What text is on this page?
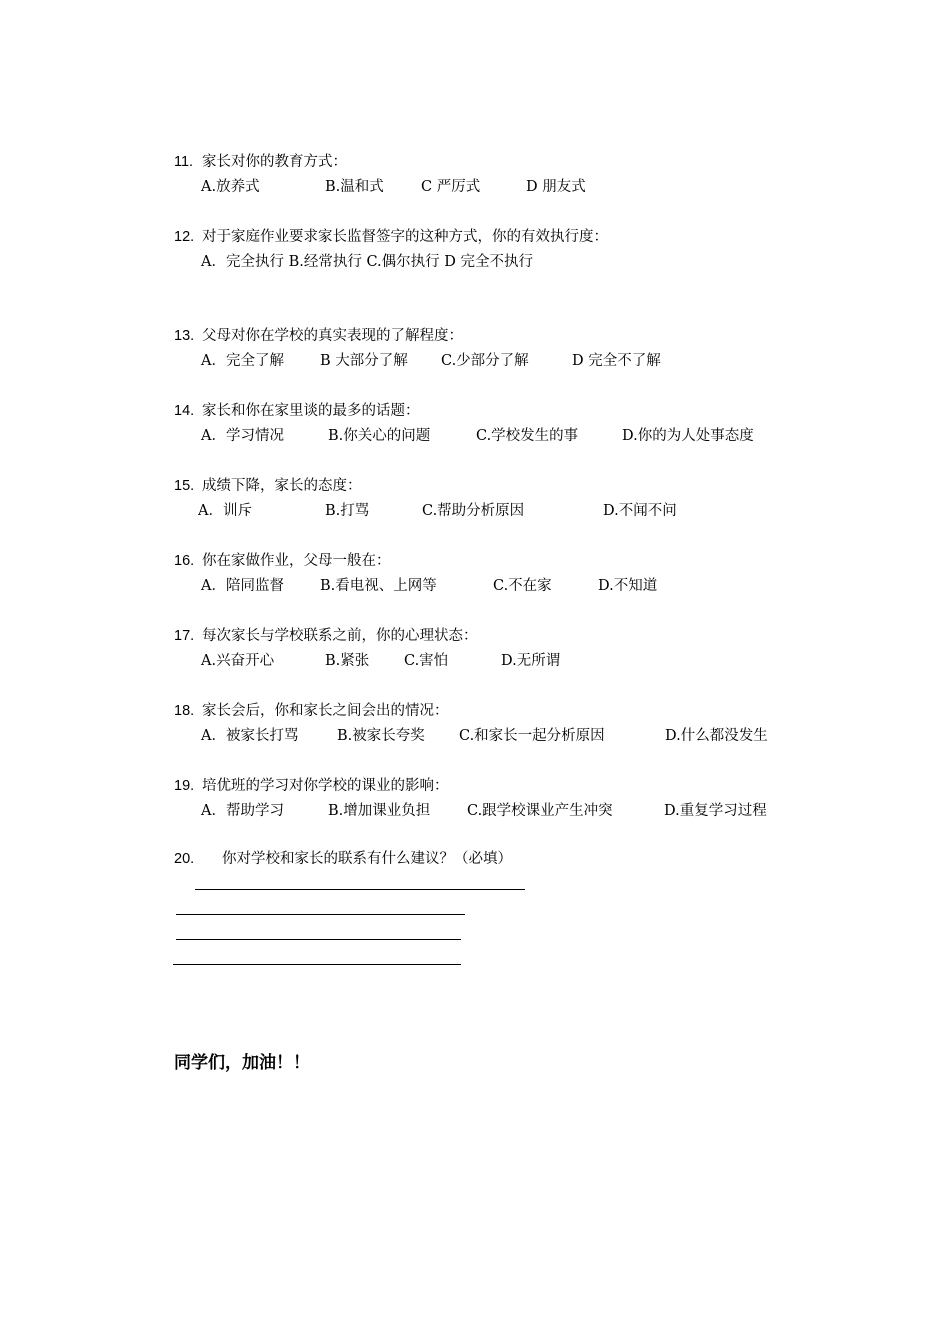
11. 家长对你的教育方式：
A.放养式	B.温和式	C 严厉式	D 朋友式
12. 对于家庭作业要求家长监督签字的这种方式，你的有效执行度：
A．完全执行 B.经常执行 C.偶尔执行 D 完全不执行
13. 父母对你在学校的真实表现的了解程度：
A．完全了解 B 大部分了解 C.少部分了解	D 完全不了解
14. 家长和你在家里谈的最多的话题：
A．学习情况	B.你关心的问题	C.学校发生的事	D.你的为人处事态度
15. 成绩下降，家长的态度：
A．训斥	B.打骂	C.帮助分析原因	D.不闻不问
16. 你在家做作业，父母一般在：
A．陪同监督 B.看电视、上网等	C.不在家	D.不知道
17. 每次家长与学校联系之前，你的心理状态：
A.兴奋开心	B.紧张 C.害怕	D.无所谓
18. 家长会后，你和家长之间会出的情况：
A．被家长打骂	B.被家长夸奖 C.和家长一起分析原因	D.什么都没发生
19. 培优班的学习对你学校的课业的影响：
A．帮助学习	B.增加课业负担	C.跟学校课业产生冲突	D.重复学习过程
20. 你对学校和家长的联系有什么建议？（必填）
同学们，加油！！
